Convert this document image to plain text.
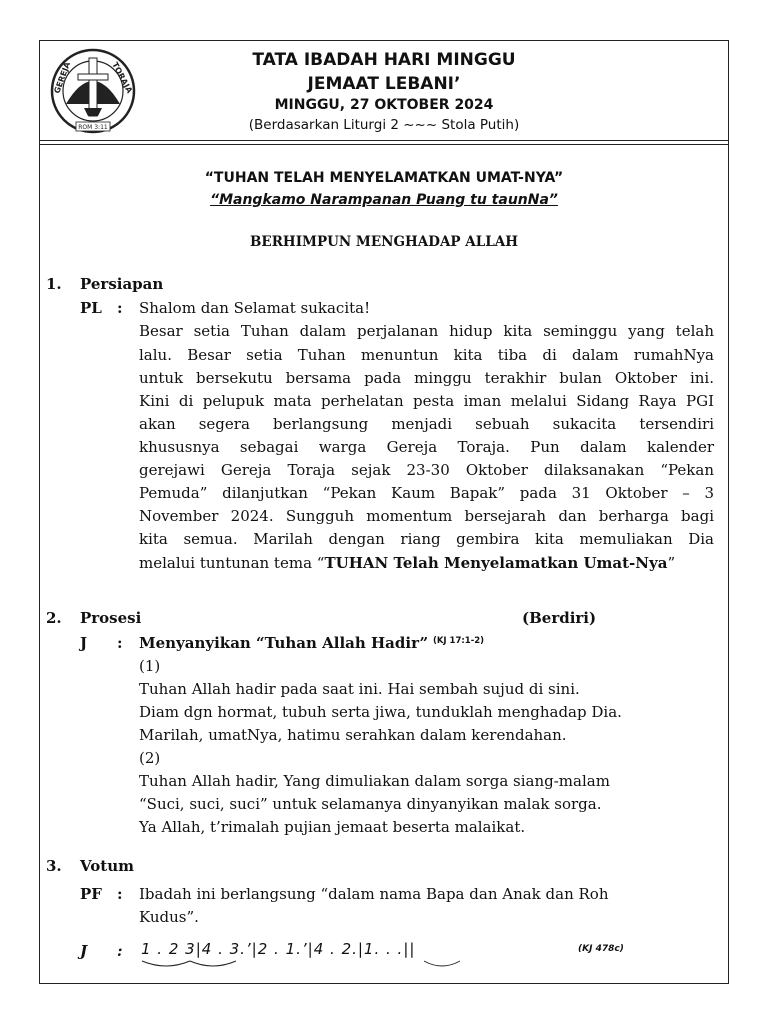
GEREJA	TORAJA
ROM 3:11
TATA IBADAH HARI MINGGU
JEMAAT LEBANI’
MINGGU, 27 OKTOBER 2024
(Berdasarkan Liturgi 2 ~~~ Stola Putih)
“TUHAN TELAH MENYELAMATKAN UMAT-NYA”
“Mangkamo Narampanan Puang tu taunNa”
BERHIMPUN MENGHADAP ALLAH
1. Persiapan
PL : Shalom dan Selamat sukacita!
Besar setia Tuhan dalam perjalanan hidup kita seminggu yang telah
lalu. Besar setia Tuhan menuntun kita tiba di dalam rumahNya
untuk bersekutu bersama pada minggu terakhir bulan Oktober ini.
Kini di pelupuk mata perhelatan pesta iman melalui Sidang Raya PGI
akan segera berlangsung menjadi sebuah sukacita tersendiri
khususnya sebagai warga Gereja Toraja. Pun dalam kalender
gerejawi Gereja Toraja sejak 23-30 Oktober dilaksanakan “Pekan
Pemuda” dilanjutkan “Pekan Kaum Bapak” pada 31 Oktober – 3
November 2024. Sungguh momentum bersejarah dan berharga bagi
kita semua. Marilah dengan riang gembira kita memuliakan Dia
melalui tuntunan tema “TUHAN Telah Menyelamatkan Umat-Nya”
2. Prosesi	(Berdiri)
J : Menyanyikan “Tuhan Allah Hadir” $^{(KJ 17:1-2)}$
(1)
Tuhan Allah hadir pada saat ini. Hai sembah sujud di sini.
Diam dgn hormat, tubuh serta jiwa, tunduklah menghadap Dia.
Marilah, umatNya, hatimu serahkan dalam kerendahan.
(2)
Tuhan Allah hadir, Yang dimuliakan dalam sorga siang-malam
“Suci, suci, suci” untuk selamanya dinyanyikan malak sorga.
Ya Allah, t’rimalah pujian jemaat beserta malaikat.
3. Votum
PF : Ibadah ini berlangsung “dalam nama Bapa dan Anak dan Roh
Kudus”.
J : 1 . 2 3|4 . 3.’|2 . 1.’|4 . 2.|1. . .||	(KJ 478c)
